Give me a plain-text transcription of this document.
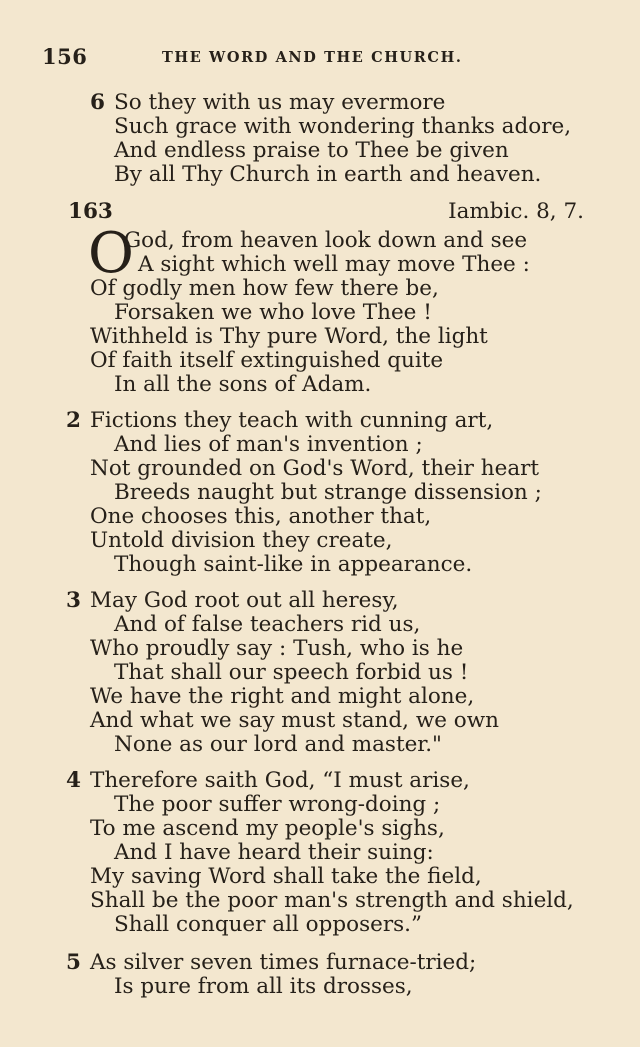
156	THE WORD AND THE CHURCH.
6 So they with us may evermore
Such grace with wondering thanks adore,
And endless praise to Thee be given
By all Thy Church in earth and heaven.
163	Iambic. 8, 7.
O
God, from heaven look down and see
A sight which well may move Thee :
Of godly men how few there be,
Forsaken we who love Thee !
Withheld is Thy pure Word, the light
Of faith itself extinguished quite
In all the sons of Adam.
2 Fictions they teach with cunning art,
And lies of man's invention ;
Not grounded on God's Word, their heart
Breeds naught but strange dissension ;
One chooses this, another that,
Untold division they create,
Though saint-like in appearance.
3 May God root out all heresy,
And of false teachers rid us,
Who proudly say : Tush, who is he
That shall our speech forbid us !
We have the right and might alone,
And what we say must stand, we own
None as our lord and master."
4 Therefore saith God, “I must arise,
The poor suffer wrong-doing ;
To me ascend my people's sighs,
And I have heard their suing:
My saving Word shall take the field,
Shall be the poor man's strength and shield,
Shall conquer all opposers.”
5 As silver seven times furnace-tried;
Is pure from all its drosses,
